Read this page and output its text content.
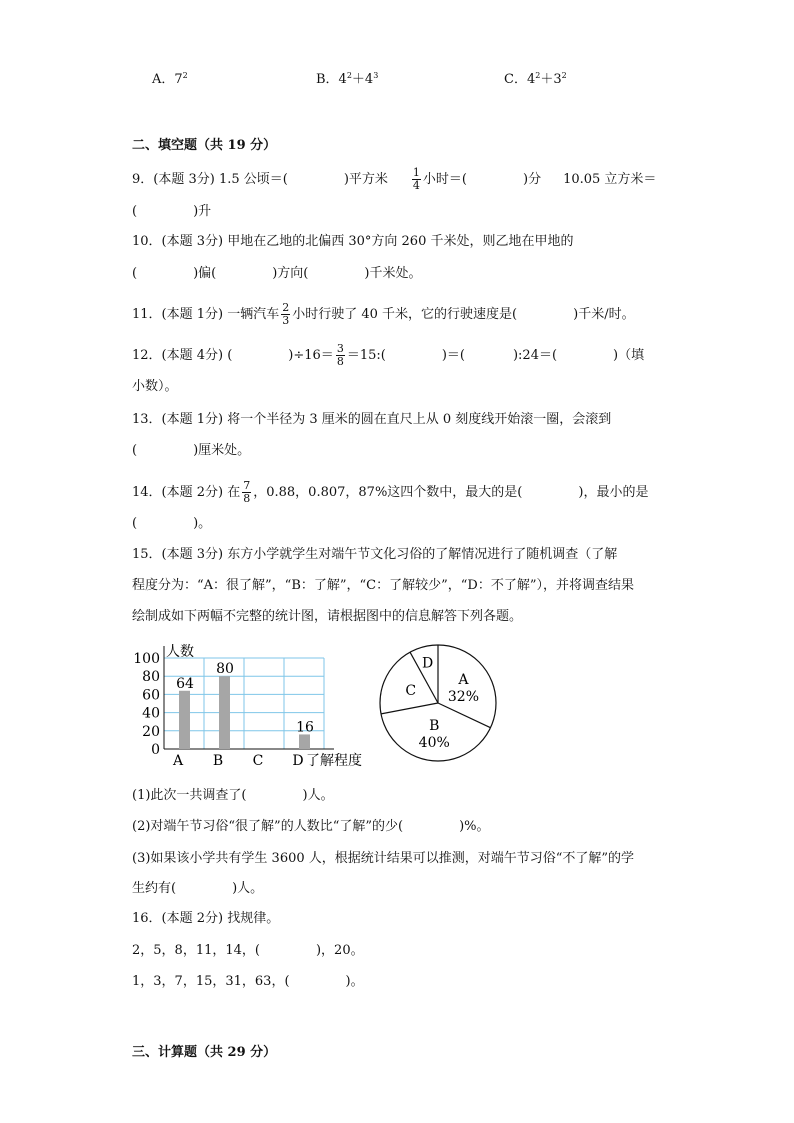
A．$7^2$	B．$4^2+4^3$	C．$4^2+3^2$
二、填空题（共 19 分）
9．(本题 3分) 1.5 公顷＝(	)平方米 $\frac{1}{4}$ 小时＝(	)分 10.05 立方米＝
(	)升
10．(本题 3分) 甲地在乙地的北偏西 30°方向 260 千米处，则乙地在甲地的
(	)偏(	)方向(	)千米处。
11．(本题 1分) 一辆汽车 $\frac{2}{3}$ 小时行驶了 40 千米，它的行驶速度是(	)千米/时。
12．(本题 4分) (	)$\div 16= \frac{3}{8}$ ＝15:(	)＝(	):24＝(	)（填
小数）。
13．(本题 1分) 将一个半径为 3 厘米的圆在直尺上从 0 刻度线开始滚一圈，会滚到
(	)厘米处。
14．(本题 2分) 在 $\frac{7}{8}$ ，0.88，0.807，87%这四个数中，最大的是(	)，最小的是
(	)。
15．(本题 3分) 东方小学就学生对端午节文化习俗的了解情况进行了随机调查（了解
程度分为：“A：很了解”，“B：了解”，“C：了解较少”，“D：不了解”），并将调查结果
绘制成如下两幅不完整的统计图，请根据图中的信息解答下列各题。
100
80
60
40
20
0
人数
64
A
80
B C
16
D 了解程度
A
32%
B
40%
C
D
(1)此次一共调查了(	)人。
(2)对端午节习俗“很了解”的人数比“了解”的少(	)%。
(3)如果该小学共有学生 3600 人，根据统计结果可以推测，对端午节习俗“不了解”的学
生约有(	)人。
16．(本题 2分) 找规律。
2，5，8，11，14，(	)，20。
1，3，7，15，31，63，(	)。
三、计算题（共 29 分）
